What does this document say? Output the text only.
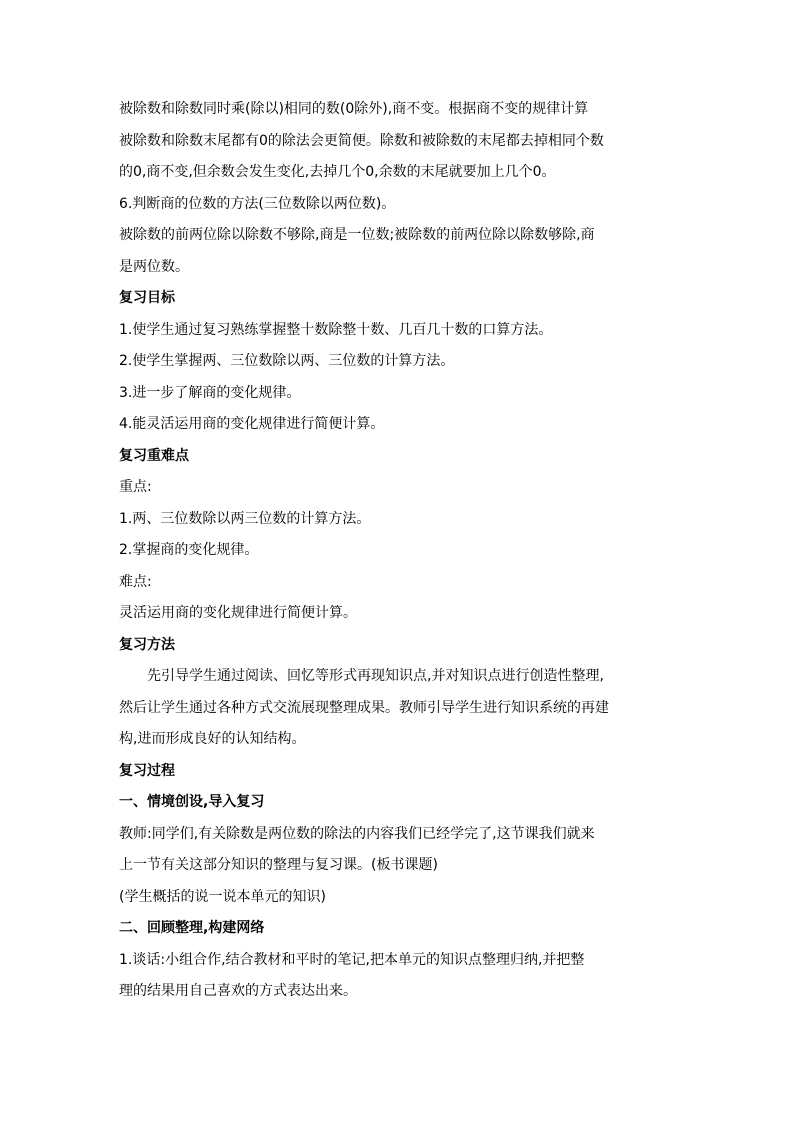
被除数和除数同时乘(除以)相同的数(0除外),商不变。根据商不变的规律计算
被除数和除数末尾都有0的除法会更简便。除数和被除数的末尾都去掉相同个数
的0,商不变,但余数会发生变化,去掉几个0,余数的末尾就要加上几个0。
6.判断商的位数的方法(三位数除以两位数)。
被除数的前两位除以除数不够除,商是一位数;被除数的前两位除以除数够除,商
是两位数。
复习目标
1.使学生通过复习熟练掌握整十数除整十数、几百几十数的口算方法。
2.使学生掌握两、三位数除以两、三位数的计算方法。
3.进一步了解商的变化规律。
4.能灵活运用商的变化规律进行简便计算。
复习重难点
重点:
1.两、三位数除以两三位数的计算方法。
2.掌握商的变化规律。
难点:
灵活运用商的变化规律进行简便计算。
复习方法
先引导学生通过阅读、回忆等形式再现知识点,并对知识点进行创造性整理,
然后让学生通过各种方式交流展现整理成果。教师引导学生进行知识系统的再建
构,进而形成良好的认知结构。
复习过程
一、情境创设,导入复习
教师:同学们,有关除数是两位数的除法的内容我们已经学完了,这节课我们就来
上一节有关这部分知识的整理与复习课。(板书课题)
(学生概括的说一说本单元的知识)
二、回顾整理,构建网络
1.谈话:小组合作,结合教材和平时的笔记,把本单元的知识点整理归纳,并把整
理的结果用自己喜欢的方式表达出来。
